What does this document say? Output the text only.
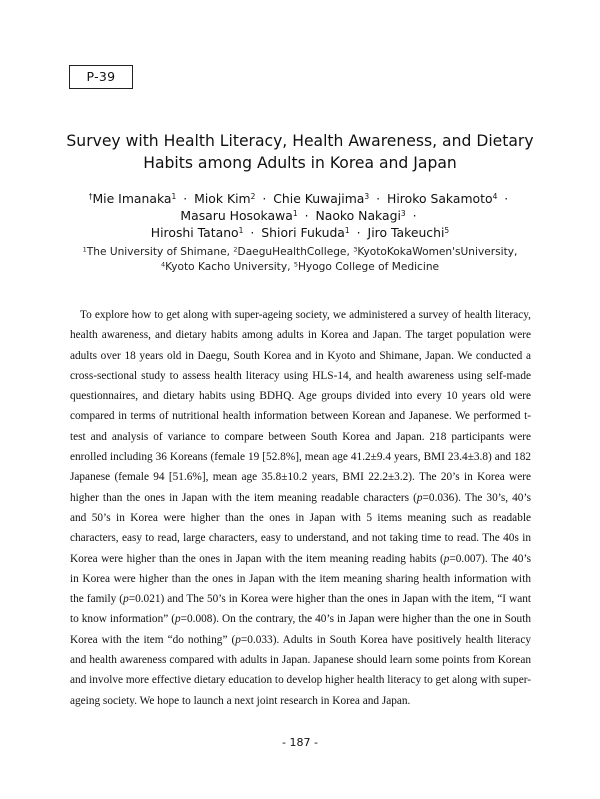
P-39
Survey with Health Literacy, Health Awareness, and Dietary
Habits among Adults in Korea and Japan
†Mie Imanaka$^1$ · Miok Kim$^2$ · Chie Kuwajima$^3$ · Hiroko Sakamoto$^4$ ·
Masaru Hosokawa$^1$ · Naoko Nakagi$^3$ ·
Hiroshi Tatano$^1$ · Shiori Fukuda$^1$ · Jiro Takeuchi$^5$
$^1$The University of Shimane, $^2$DaeguHealthCollege, $^3$KyotoKokaWomen'sUniversity,
$^4$Kyoto Kacho University, $^5$Hyogo College of Medicine

To explore how to get along with super-ageing society, we administered a survey of health literacy, health awareness, and dietary habits among adults in Korea and Japan. The target population were adults over 18 years old in Daegu, South Korea and in Kyoto and Shimane, Japan. We conducted a cross-sectional study to assess health literacy using HLS-14, and health awareness using self-made questionnaires, and dietary habits using BDHQ. Age groups divided into every 10 years old were compared in terms of nutritional health information between Korean and Japanese. We performed t-test and analysis of variance to compare between South Korea and Japan. 218 participants were enrolled including 36 Koreans (female 19 [52.8%], mean age 41.2±9.4 years, BMI 23.4±3.8) and 182 Japanese (female 94 [51.6%], mean age 35.8±10.2 years, BMI 22.2±3.2). The 20’s in Korea were higher than the ones in Japan with the item meaning readable characters (p=0.036). The 30’s, 40’s and 50’s in Korea were higher than the ones in Japan with 5 items meaning such as readable characters, easy to read, large characters, easy to understand, and not taking time to read. The 40s in Korea were higher than the ones in Japan with the item meaning reading habits (p=0.007). The 40’s in Korea were higher than the ones in Japan with the item meaning sharing health information with the family (p=0.021) and The 50’s in Korea were higher than the ones in Japan with the item, “I want to know information” (p=0.008). On the contrary, the 40’s in Japan were higher than the one in South Korea with the item “do nothing” (p=0.033). Adults in South Korea have positively health literacy and health awareness compared with adults in Japan. Japanese should learn some points from Korean and involve more effective dietary education to develop higher health literacy to get along with super-ageing society. We hope to launch a next joint research in Korea and Japan.

- 187 -
